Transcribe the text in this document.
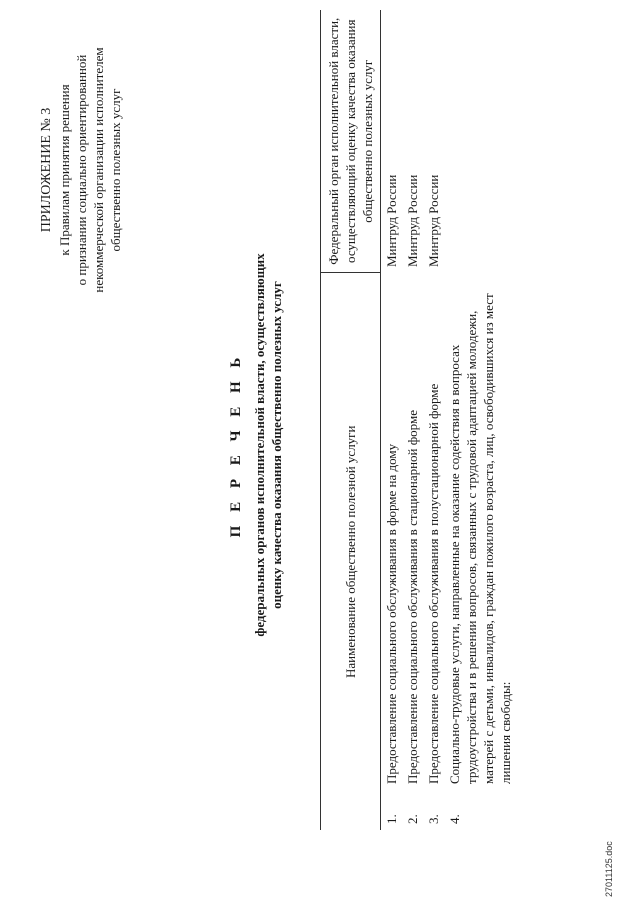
ПРИЛОЖЕНИЕ № 3 к Правилам принятия решения о признании социально ориентированной некоммерческой организации исполнителем общественно полезных услуг
П Е Р Е Ч Е Н Ь федеральных органов исполнительной власти, осуществляющих оценку качества оказания общественно полезных услуг	Наименование общественно полезной услуги		Федеральный орган исполнительной власти, осуществляющий оценку качества оказания общественно полезных услуг
1.	Предоставление социального обслуживания в форме на дому	Минтруд России
2.	Предоставление социального обслуживания в стационарной форме	Минтруд России
3.	Предоставление социального обслуживания в полустационарной форме	Минтруд России
4.	Социально-трудовые услуги, направленные на оказание содействия в вопросах трудоустройства и в решении вопросов, связанных с трудовой адаптацией молодежи, матерей с детьми, инвалидов, граждан пожилого возраста, лиц, освободившихся из мест лишения свободы:	
27011125.doc
